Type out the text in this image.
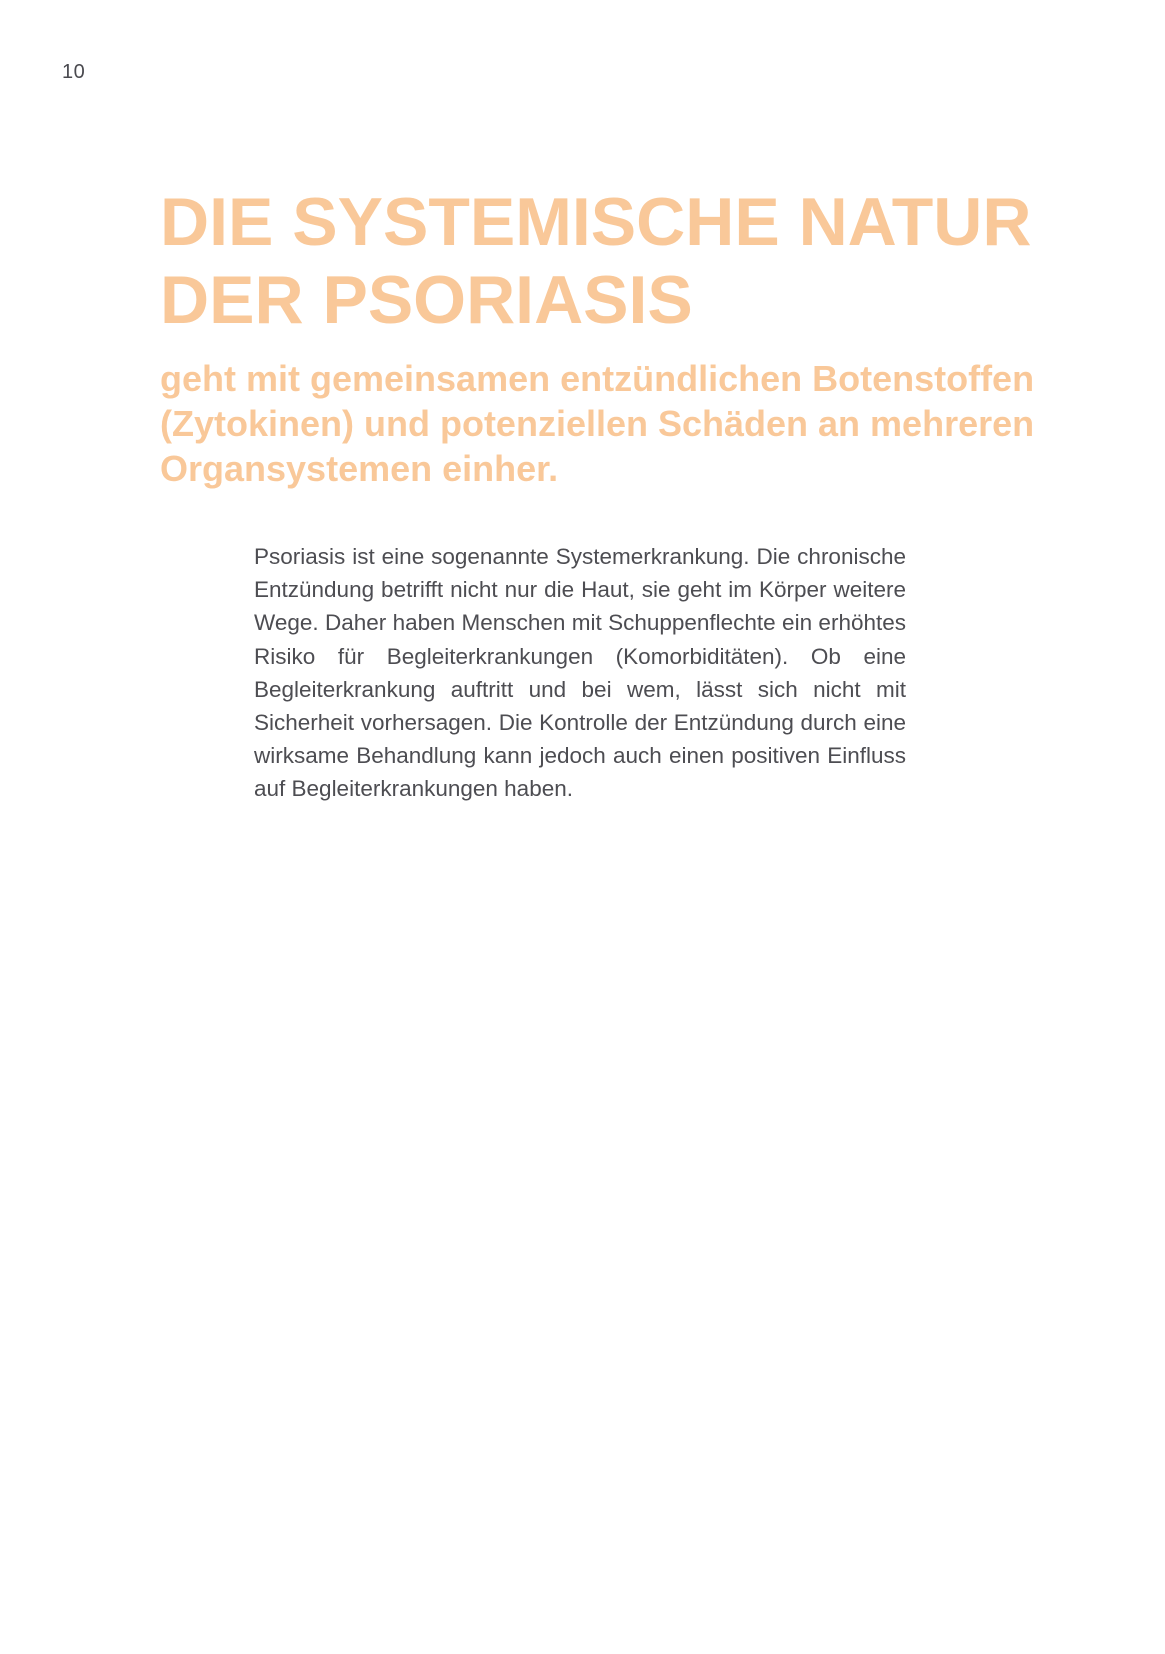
10
DIE SYSTEMISCHE NATUR DER PSORIASIS
geht mit gemeinsamen entzündlichen Botenstoffen (Zytokinen) und potenziellen Schäden an mehreren Organsystemen einher.

Psoriasis ist eine sogenannte Systemerkrankung. Die chronische Entzündung betrifft nicht nur die Haut, sie geht im Körper weitere Wege. Daher haben Menschen mit Schuppenflechte ein erhöhtes Risiko für Begleiterkrankungen (Komorbiditäten). Ob eine Begleiterkrankung auftritt und bei wem, lässt sich nicht mit Sicherheit vorhersagen. Die Kontrolle der Entzündung durch eine wirksame Behandlung kann jedoch auch einen positiven Einfluss auf Begleiterkrankungen haben.
